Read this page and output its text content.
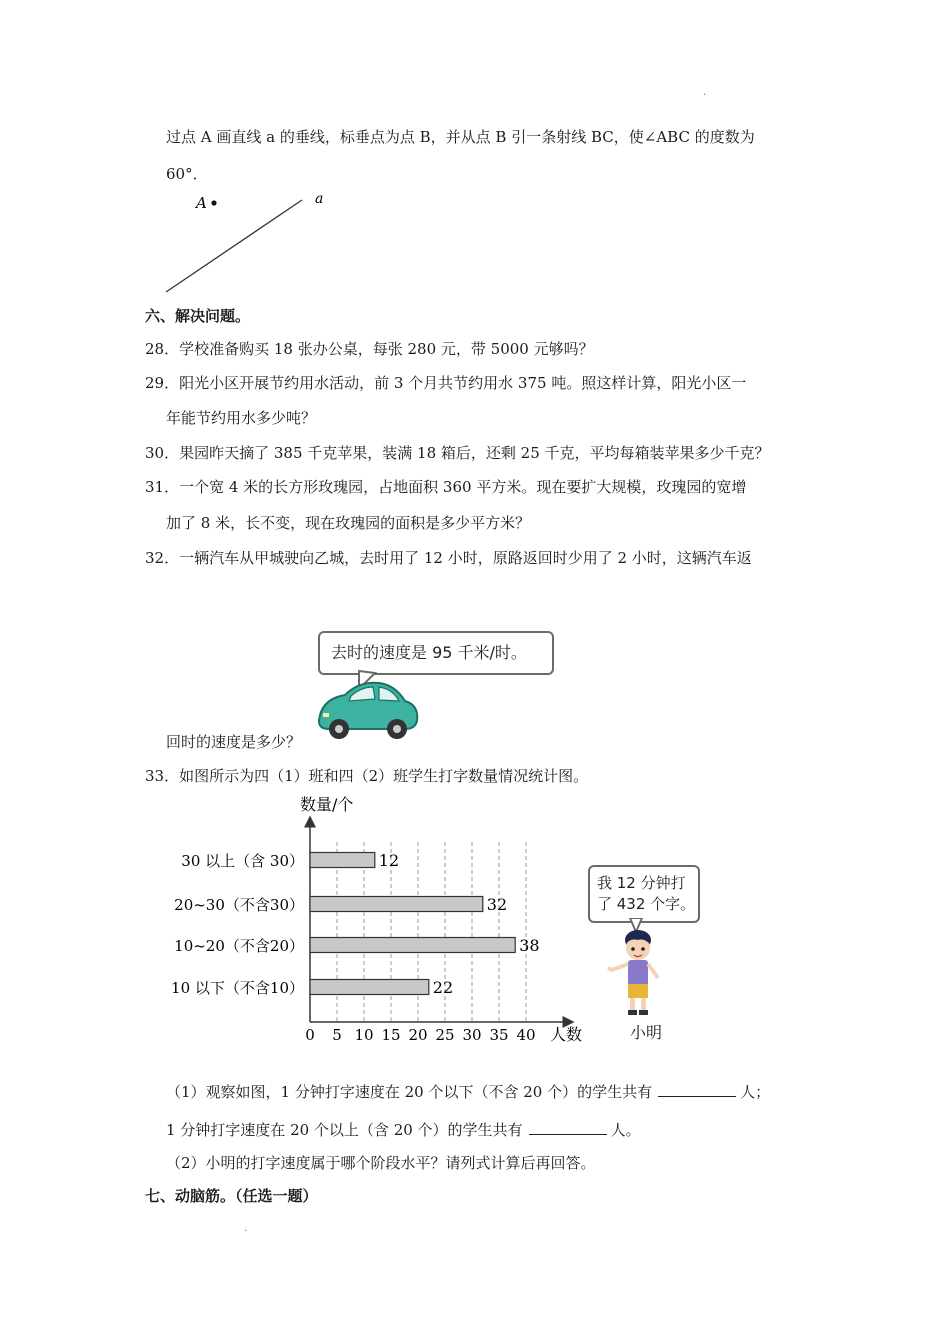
·
过点 A 画直线 a 的垂线，标垂点为点 B，并从点 B 引一条射线 BC，使∠ABC 的度数为
60°．
A	a
六、解决问题。
28．学校准备购买 18 张办公桌，每张 280 元，带 5000 元够吗？
29．阳光小区开展节约用水活动，前 3 个月共节约用水 375 吨。照这样计算，阳光小区一
年能节约用水多少吨？
30．果园昨天摘了 385 千克苹果，装满 18 箱后，还剩 25 千克，平均每箱装苹果多少千克？
31．一个宽 4 米的长方形玫瑰园，占地面积 360 平方米。现在要扩大规模，玫瑰园的宽增
加了 8 米，长不变，现在玫瑰园的面积是多少平方米？
32．一辆汽车从甲城驶向乙城，去时用了 12 小时，原路返回时少用了 2 小时，这辆汽车返
去时的速度是 95 千米/时。
回时的速度是多少？
33．如图所示为四（1）班和四（2）班学生打字数量情况统计图。
数量/个
12
30 以上（含 30）
32
20~30（不含30）
38
10~20（不含20）
22
10 以下（不含10）
0 5 10 15 20 25 30 35 40 人数
我 12 分钟打
了 432 个字。
小明
（1）观察如图，1 分钟打字速度在 20 个以下（不含 20 个）的学生共有	人；
1 分钟打字速度在 20 个以上（含 20 个）的学生共有	人。
（2）小明的打字速度属于哪个阶段水平？请列式计算后再回答。
七、动脑筋。（任选一题）
·
